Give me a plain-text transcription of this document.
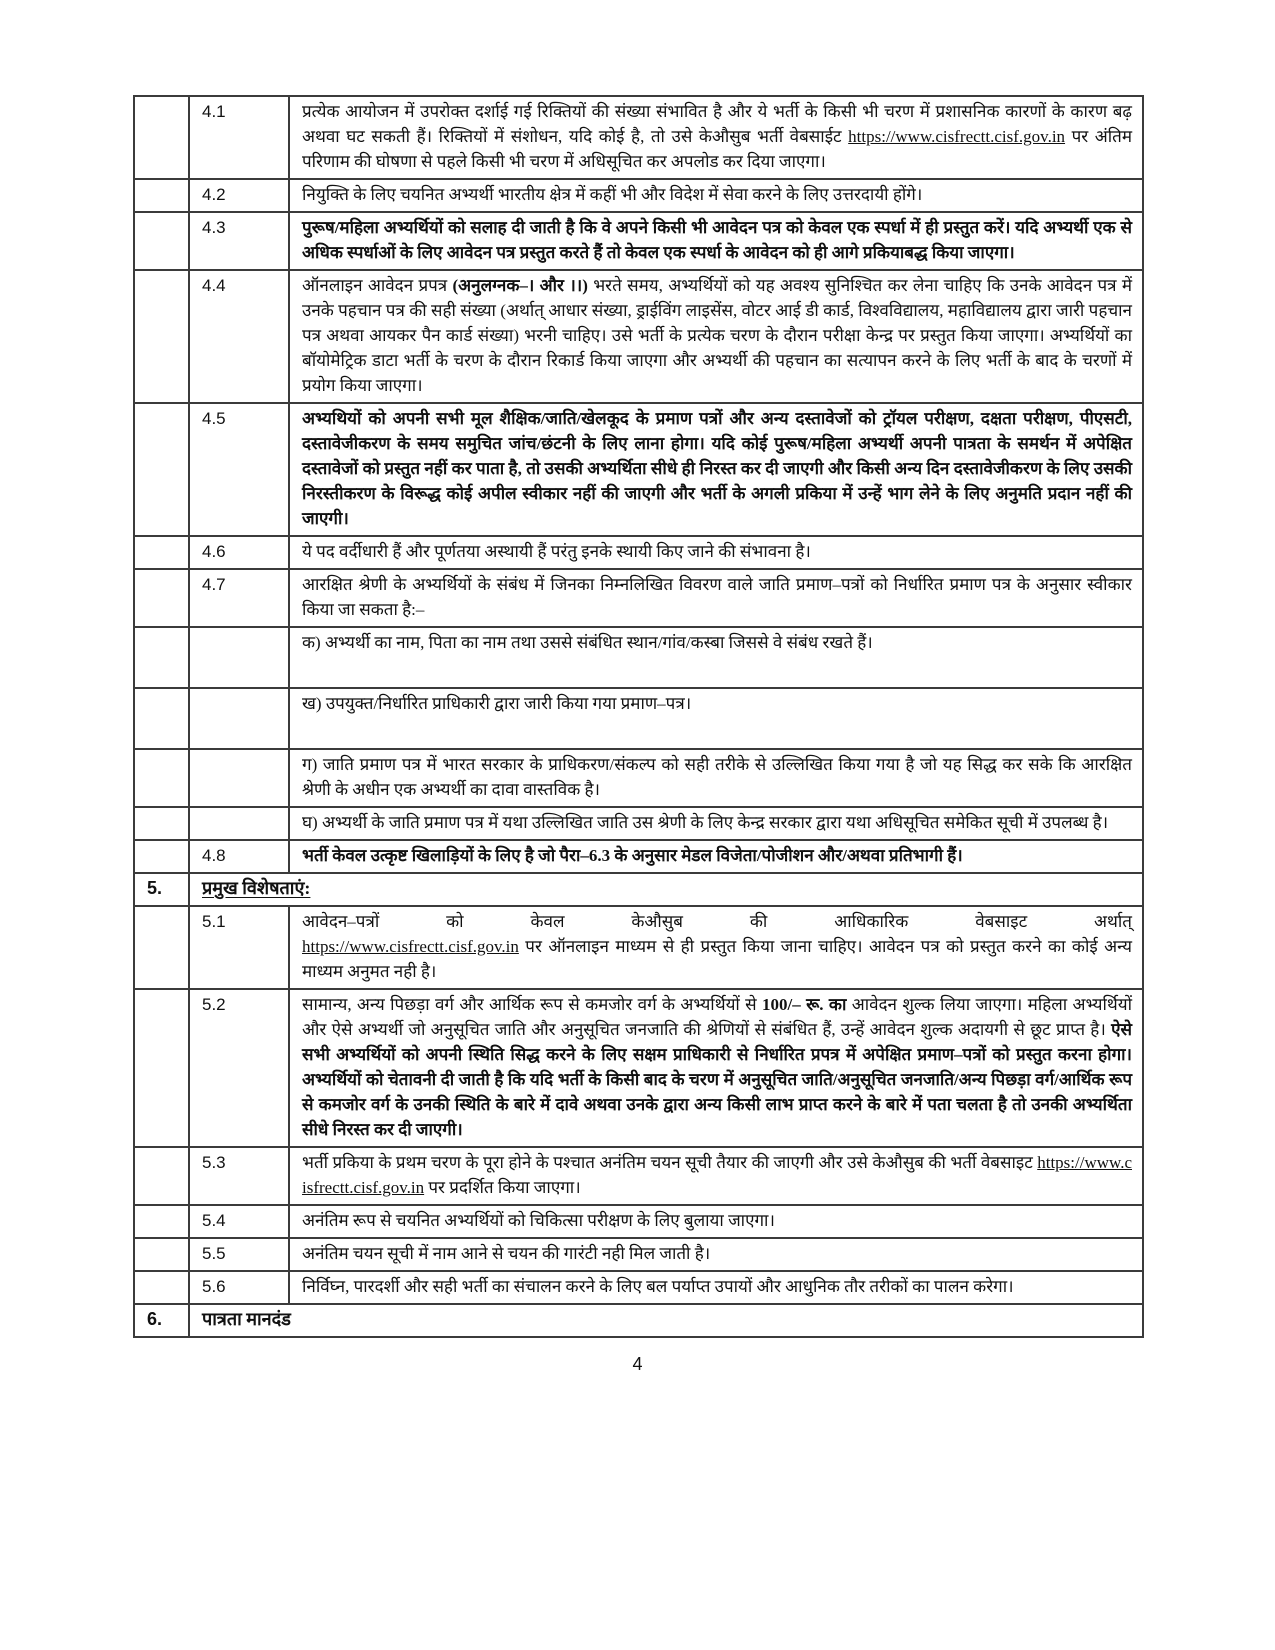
	4.1	प्रत्येक आयोजन में उपरोक्त दर्शाई गई रिक्तियों की संख्या संभावित है और ये भर्ती के किसी भी चरण में प्रशासनिक कारणों के कारण बढ़ अथवा घट सकती हैं। रिक्तियों में संशोधन, यदि कोई है, तो उसे केऔसुब भर्ती वेबसाईट https://www.cisfrectt.cisf.gov.in पर अंतिम परिणाम की घोषणा से पहले किसी भी चरण में अधिसूचित कर अपलोड कर दिया जाएगा।
	4.2	नियुक्ति के लिए चयनित अभ्यर्थी भारतीय क्षेत्र में कहीं भी और विदेश में सेवा करने के लिए उत्तरदायी होंगे।
	4.3	पुरूष/महिला अभ्यर्थियों को सलाह दी जाती है कि वे अपने किसी भी आवेदन पत्र को केवल एक स्पर्धा में ही प्रस्तुत करें। यदि अभ्यर्थी एक से अधिक स्पर्धाओं के लिए आवेदन पत्र प्रस्तुत करते हैं तो केवल एक स्पर्धा के आवेदन को ही आगे प्रकियाबद्ध किया जाएगा।
	4.4	ऑनलाइन आवेदन प्रपत्र (अनुलग्नक–। और ।।) भरते समय, अभ्यर्थियों को यह अवश्य सुनिश्चित कर लेना चाहिए कि उनके आवेदन पत्र में उनके पहचान पत्र की सही संख्या (अर्थात् आधार संख्या, ड्राईविंग लाइसेंस, वोटर आई डी कार्ड, विश्वविद्यालय, महाविद्यालय द्वारा जारी पहचान पत्र अथवा आयकर पैन कार्ड संख्या) भरनी चाहिए। उसे भर्ती के प्रत्येक चरण के दौरान परीक्षा केन्द्र पर प्रस्तुत किया जाएगा। अभ्यर्थियों का बॉयोमेट्रिक डाटा भर्ती के चरण के दौरान रिकार्ड किया जाएगा और अभ्यर्थी की पहचान का सत्यापन करने के लिए भर्ती के बाद के चरणों में प्रयोग किया जाएगा।
	4.5	अभ्यथियों को अपनी सभी मूल शैक्षिक/जाति/खेलकूद के प्रमाण पत्रों और अन्य दस्तावेजों को ट्रॉयल परीक्षण, दक्षता परीक्षण, पीएसटी, दस्तावेजीकरण के समय समुचित जांच/छंटनी के लिए लाना होगा। यदि कोई पुरूष/महिला अभ्यर्थी अपनी पात्रता के समर्थन में अपेक्षित दस्तावेजों को प्रस्तुत नहीं कर पाता है, तो उसकी अभ्यर्थिता सीधे ही निरस्त कर दी जाएगी और किसी अन्य दिन दस्तावेजीकरण के लिए उसकी निरस्तीकरण के विरूद्ध कोई अपील स्वीकार नहीं की जाएगी और भर्ती के अगली प्रकिया में उन्हें भाग लेने के लिए अनुमति प्रदान नहीं की जाएगी।
	4.6	ये पद वर्दीधारी हैं और पूर्णतया अस्थायी हैं परंतु इनके स्थायी किए जाने की संभावना है।
	4.7	आरक्षित श्रेणी के अभ्यर्थियों के संबंध में जिनका निम्नलिखित विवरण वाले जाति प्रमाण–पत्रों को निर्धारित प्रमाण पत्र के अनुसार स्वीकार किया जा सकता है:–
		क) अभ्यर्थी का नाम, पिता का नाम तथा उससे संबंधित स्थान/गांव/कस्बा जिससे वे संबंध रखते हैं।
		ख) उपयुक्त/निर्धारित प्राधिकारी द्वारा जारी किया गया प्रमाण–पत्र।
		ग) जाति प्रमाण पत्र में भारत सरकार के प्राधिकरण/संकल्प को सही तरीके से उल्लिखित किया गया है जो यह सिद्ध कर सके कि आरक्षित श्रेणी के अधीन एक अभ्यर्थी का दावा वास्तविक है।
		घ) अभ्यर्थी के जाति प्रमाण पत्र में यथा उल्लिखित जाति उस श्रेणी के लिए केन्द्र सरकार द्वारा यथा अधिसूचित समेकित सूची में उपलब्ध है।
	4.8	भर्ती केवल उत्कृष्ट खिलाड़ियों के लिए है जो पैरा–6.3 के अनुसार मेडल विजेता/पोजीशन और/अथवा प्रतिभागी हैं।
5.	प्रमुख विशेषताएं:	
	5.1	आवेदन–पत्रों को केवल केऔसुब की आधिकारिक वेबसाइट अर्थात्
https://www.cisfrectt.cisf.gov.in पर ऑनलाइन माध्यम से ही प्रस्तुत किया जाना चाहिए। आवेदन पत्र को प्रस्तुत करने का कोई अन्य माध्यम अनुमत नही है।
	5.2	सामान्य, अन्य पिछड़ा वर्ग और आर्थिक रूप से कमजोर वर्ग के अभ्यर्थियों से 100/– रू. का आवेदन शुल्क लिया जाएगा। महिला अभ्यर्थियों और ऐसे अभ्यर्थी जो अनुसूचित जाति और अनुसूचित जनजाति की श्रेणियों से संबंधित हैं, उन्हें आवेदन शुल्क अदायगी से छूट प्राप्त है। ऐसे सभी अभ्यर्थियों को अपनी स्थिति सिद्ध करने के लिए सक्षम प्राधिकारी से निर्धारित प्रपत्र में अपेक्षित प्रमाण–पत्रों को प्रस्तुत करना होगा। अभ्यर्थियों को चेतावनी दी जाती है कि यदि भर्ती के किसी बाद के चरण में अनुसूचित जाति/अनुसूचित जनजाति/अन्य पिछड़ा वर्ग/आर्थिक रूप से कमजोर वर्ग के उनकी स्थिति के बारे में दावे अथवा उनके द्वारा अन्य किसी लाभ प्राप्त करने के बारे में पता चलता है तो उनकी अभ्यर्थिता सीधे निरस्त कर दी जाएगी।
	5.3	भर्ती प्रकिया के प्रथम चरण के पूरा होने के पश्चात अनंतिम चयन सूची तैयार की जाएगी और उसे केऔसुब की भर्ती वेबसाइट https://www.cisfrectt.cisf.gov.in पर प्रदर्शित किया जाएगा।
	5.4	अनंतिम रूप से चयनित अभ्यर्थियों को चिकित्सा परीक्षण के लिए बुलाया जाएगा।
	5.5	अनंतिम चयन सूची में नाम आने से चयन की गारंटी नही मिल जाती है।
	5.6	निर्विघ्न, पारदर्शी और सही भर्ती का संचालन करने के लिए बल पर्याप्त उपायों और आधुनिक तौर तरीकों का पालन करेगा।
6.	पात्रता मानदंड	
4
